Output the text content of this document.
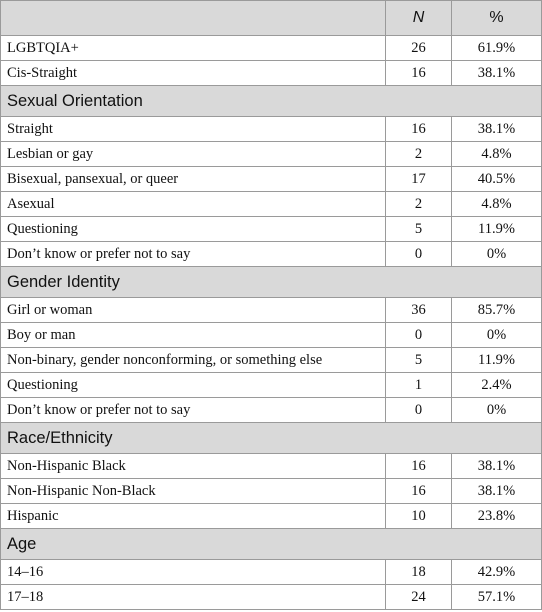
	N	%
LGBTQIA+	26	61.9%
Cis-Straight	16	38.1%
Sexual Orientation		
Straight	16	38.1%
Lesbian or gay	2	4.8%
Bisexual, pansexual, or queer	17	40.5%
Asexual	2	4.8%
Questioning	5	11.9%
Don’t know or prefer not to say	0	0%
Gender Identity		
Girl or woman	36	85.7%
Boy or man	0	0%
Non-binary, gender nonconforming, or something else	5	11.9%
Questioning	1	2.4%
Don’t know or prefer not to say	0	0%
Race/Ethnicity		
Non-Hispanic Black	16	38.1%
Non-Hispanic Non-Black	16	38.1%
Hispanic	10	23.8%
Age		
14–16	18	42.9%
17–18	24	57.1%
